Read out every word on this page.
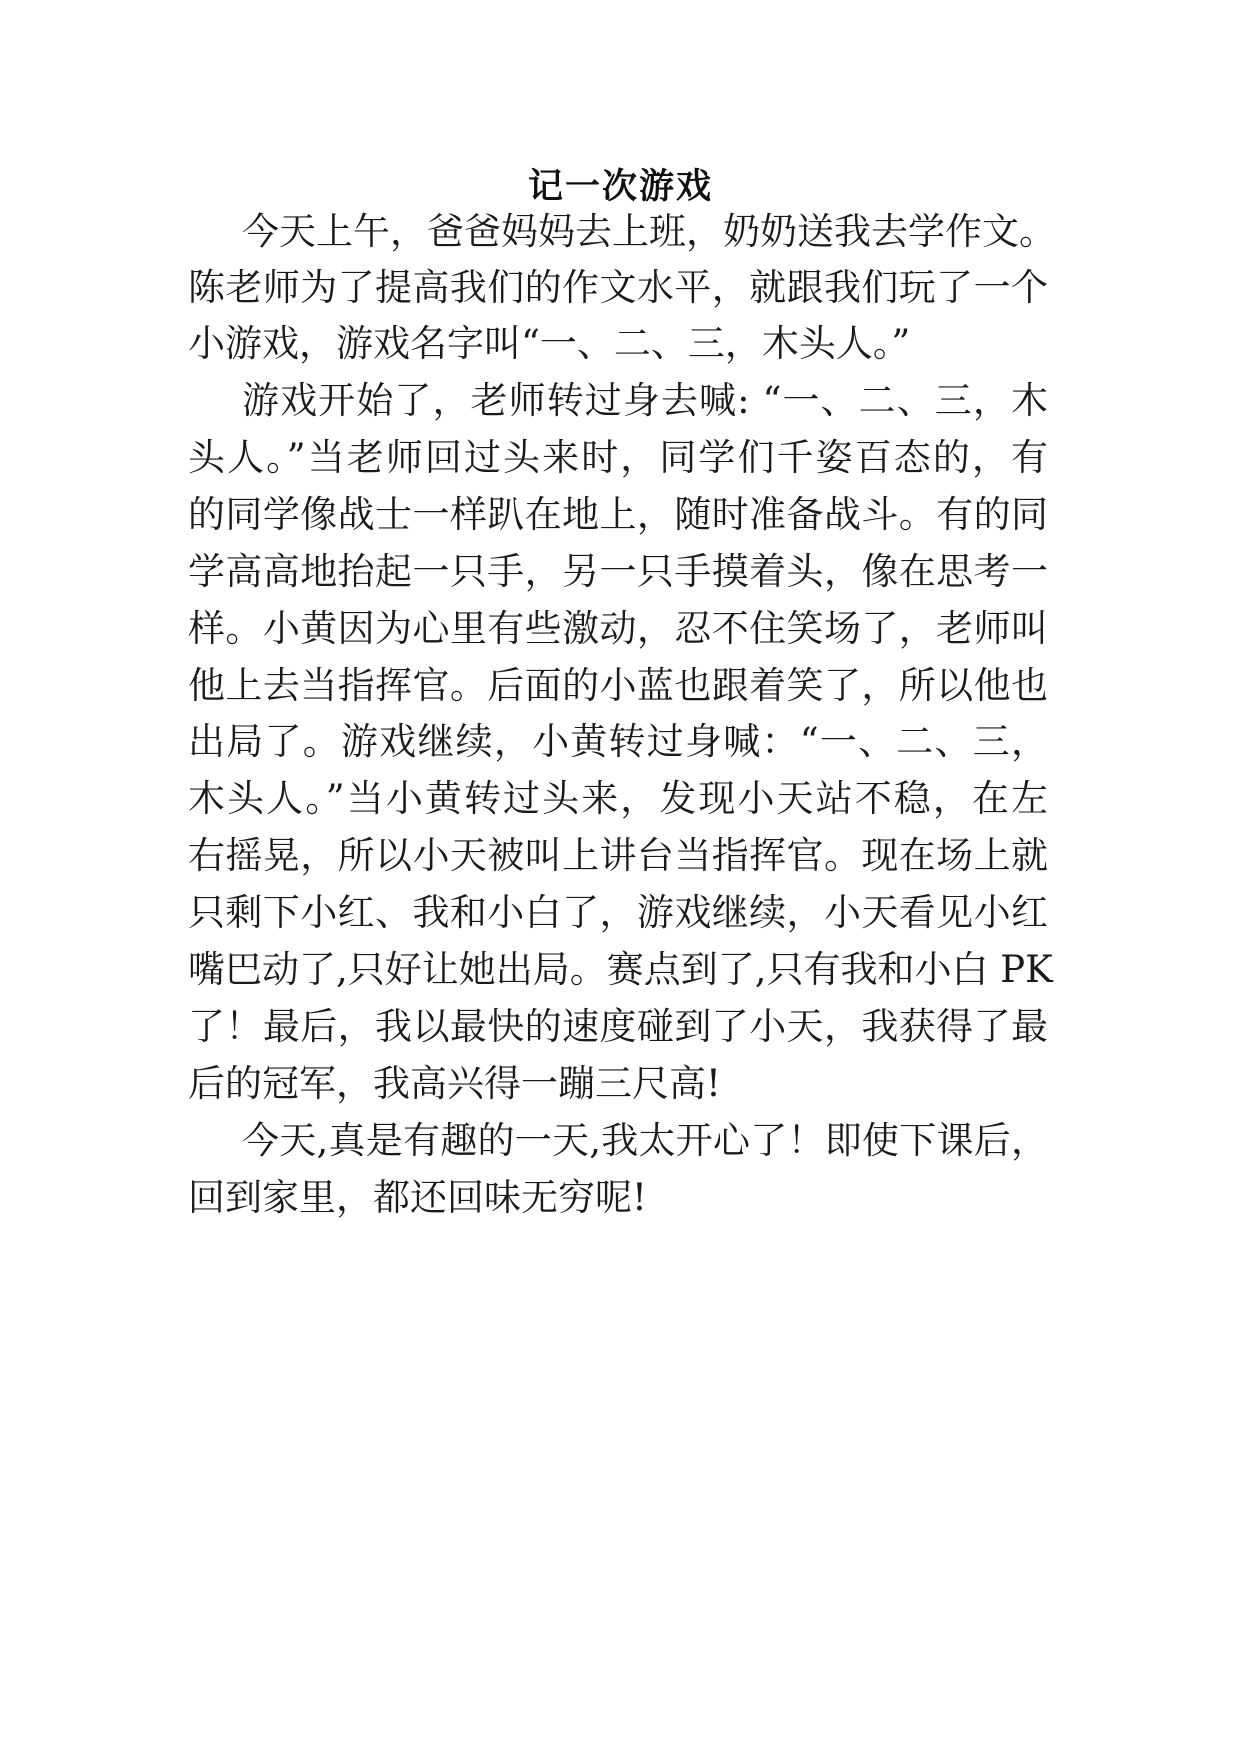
记一次游戏
今天上午，爸爸妈妈去上班，奶奶送我去学作文。
陈老师为了提高我们的作文水平，就跟我们玩了一个
小游戏，游戏名字叫“一、二、三，木头人。”
游戏开始了，老师转过身去喊: “一、二、三，木
头人。”当老师回过头来时，同学们千姿百态的，有
的同学像战士一样趴在地上，随时准备战斗。有的同
学高高地抬起一只手，另一只手摸着头，像在思考一
样。小黄因为心里有些激动，忍不住笑场了，老师叫
他上去当指挥官。后面的小蓝也跟着笑了，所以他也
出局了。游戏继续，小黄转过身喊：“一、二、三，
木头人。”当小黄转过头来，发现小天站不稳，在左
右摇晃，所以小天被叫上讲台当指挥官。现在场上就
只剩下小红、我和小白了，游戏继续，小天看见小红
嘴巴动了,只好让她出局。赛点到了,只有我和小白 PK
了！最后，我以最快的速度碰到了小天，我获得了最
后的冠军，我高兴得一蹦三尺高!
今天,真是有趣的一天,我太开心了！即使下课后，
回到家里，都还回味无穷呢!
